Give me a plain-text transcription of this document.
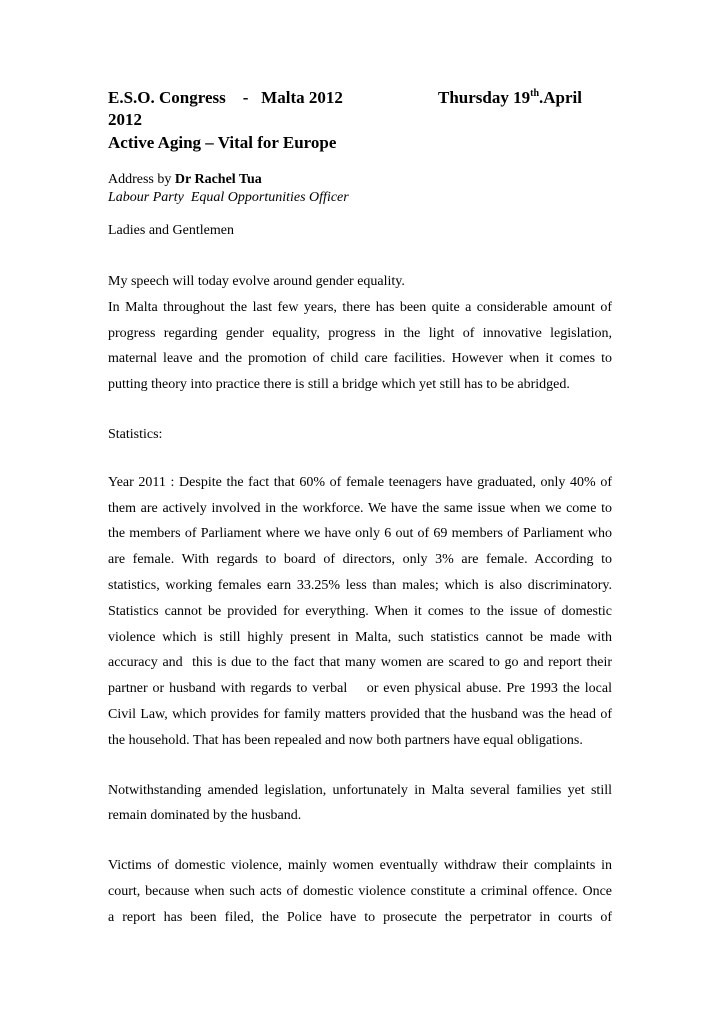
E.S.O. Congress    -   Malta 2012	Thursday 19th.April
2012
Active Aging – Vital for Europe
Address by Dr Rachel Tua
Labour Party  Equal Opportunities Officer
Ladies and Gentlemen
My speech will today evolve around gender equality.
In Malta throughout the last few years, there has been quite a considerable amount of
progress regarding gender equality, progress in the light of innovative legislation,
maternal leave and the promotion of child care facilities. However when it comes to
putting theory into practice there is still a bridge which yet still has to be abridged.
Statistics:
Year 2011 : Despite the fact that 60% of female teenagers have graduated, only 40% of
them are actively involved in the workforce. We have the same issue when we come to
the members of Parliament where we have only 6 out of 69 members of Parliament who
are female. With regards to board of directors, only 3% are female. According to
statistics, working females earn 33.25% less than males; which is also discriminatory.
Statistics cannot be provided for everything. When it comes to the issue of domestic
violence which is still highly present in Malta, such statistics cannot be made with
accuracy and  this is due to the fact that many women are scared to go and report their
partner or husband with regards to verbal    or even physical abuse. Pre 1993 the local
Civil Law, which provides for family matters provided that the husband was the head of
the household. That has been repealed and now both partners have equal obligations.
Notwithstanding amended legislation, unfortunately in Malta several families yet still
remain dominated by the husband.
Victims of domestic violence, mainly women eventually withdraw their complaints in
court, because when such acts of domestic violence constitute a criminal offence. Once
a report has been filed, the Police have to prosecute the perpetrator in courts of
